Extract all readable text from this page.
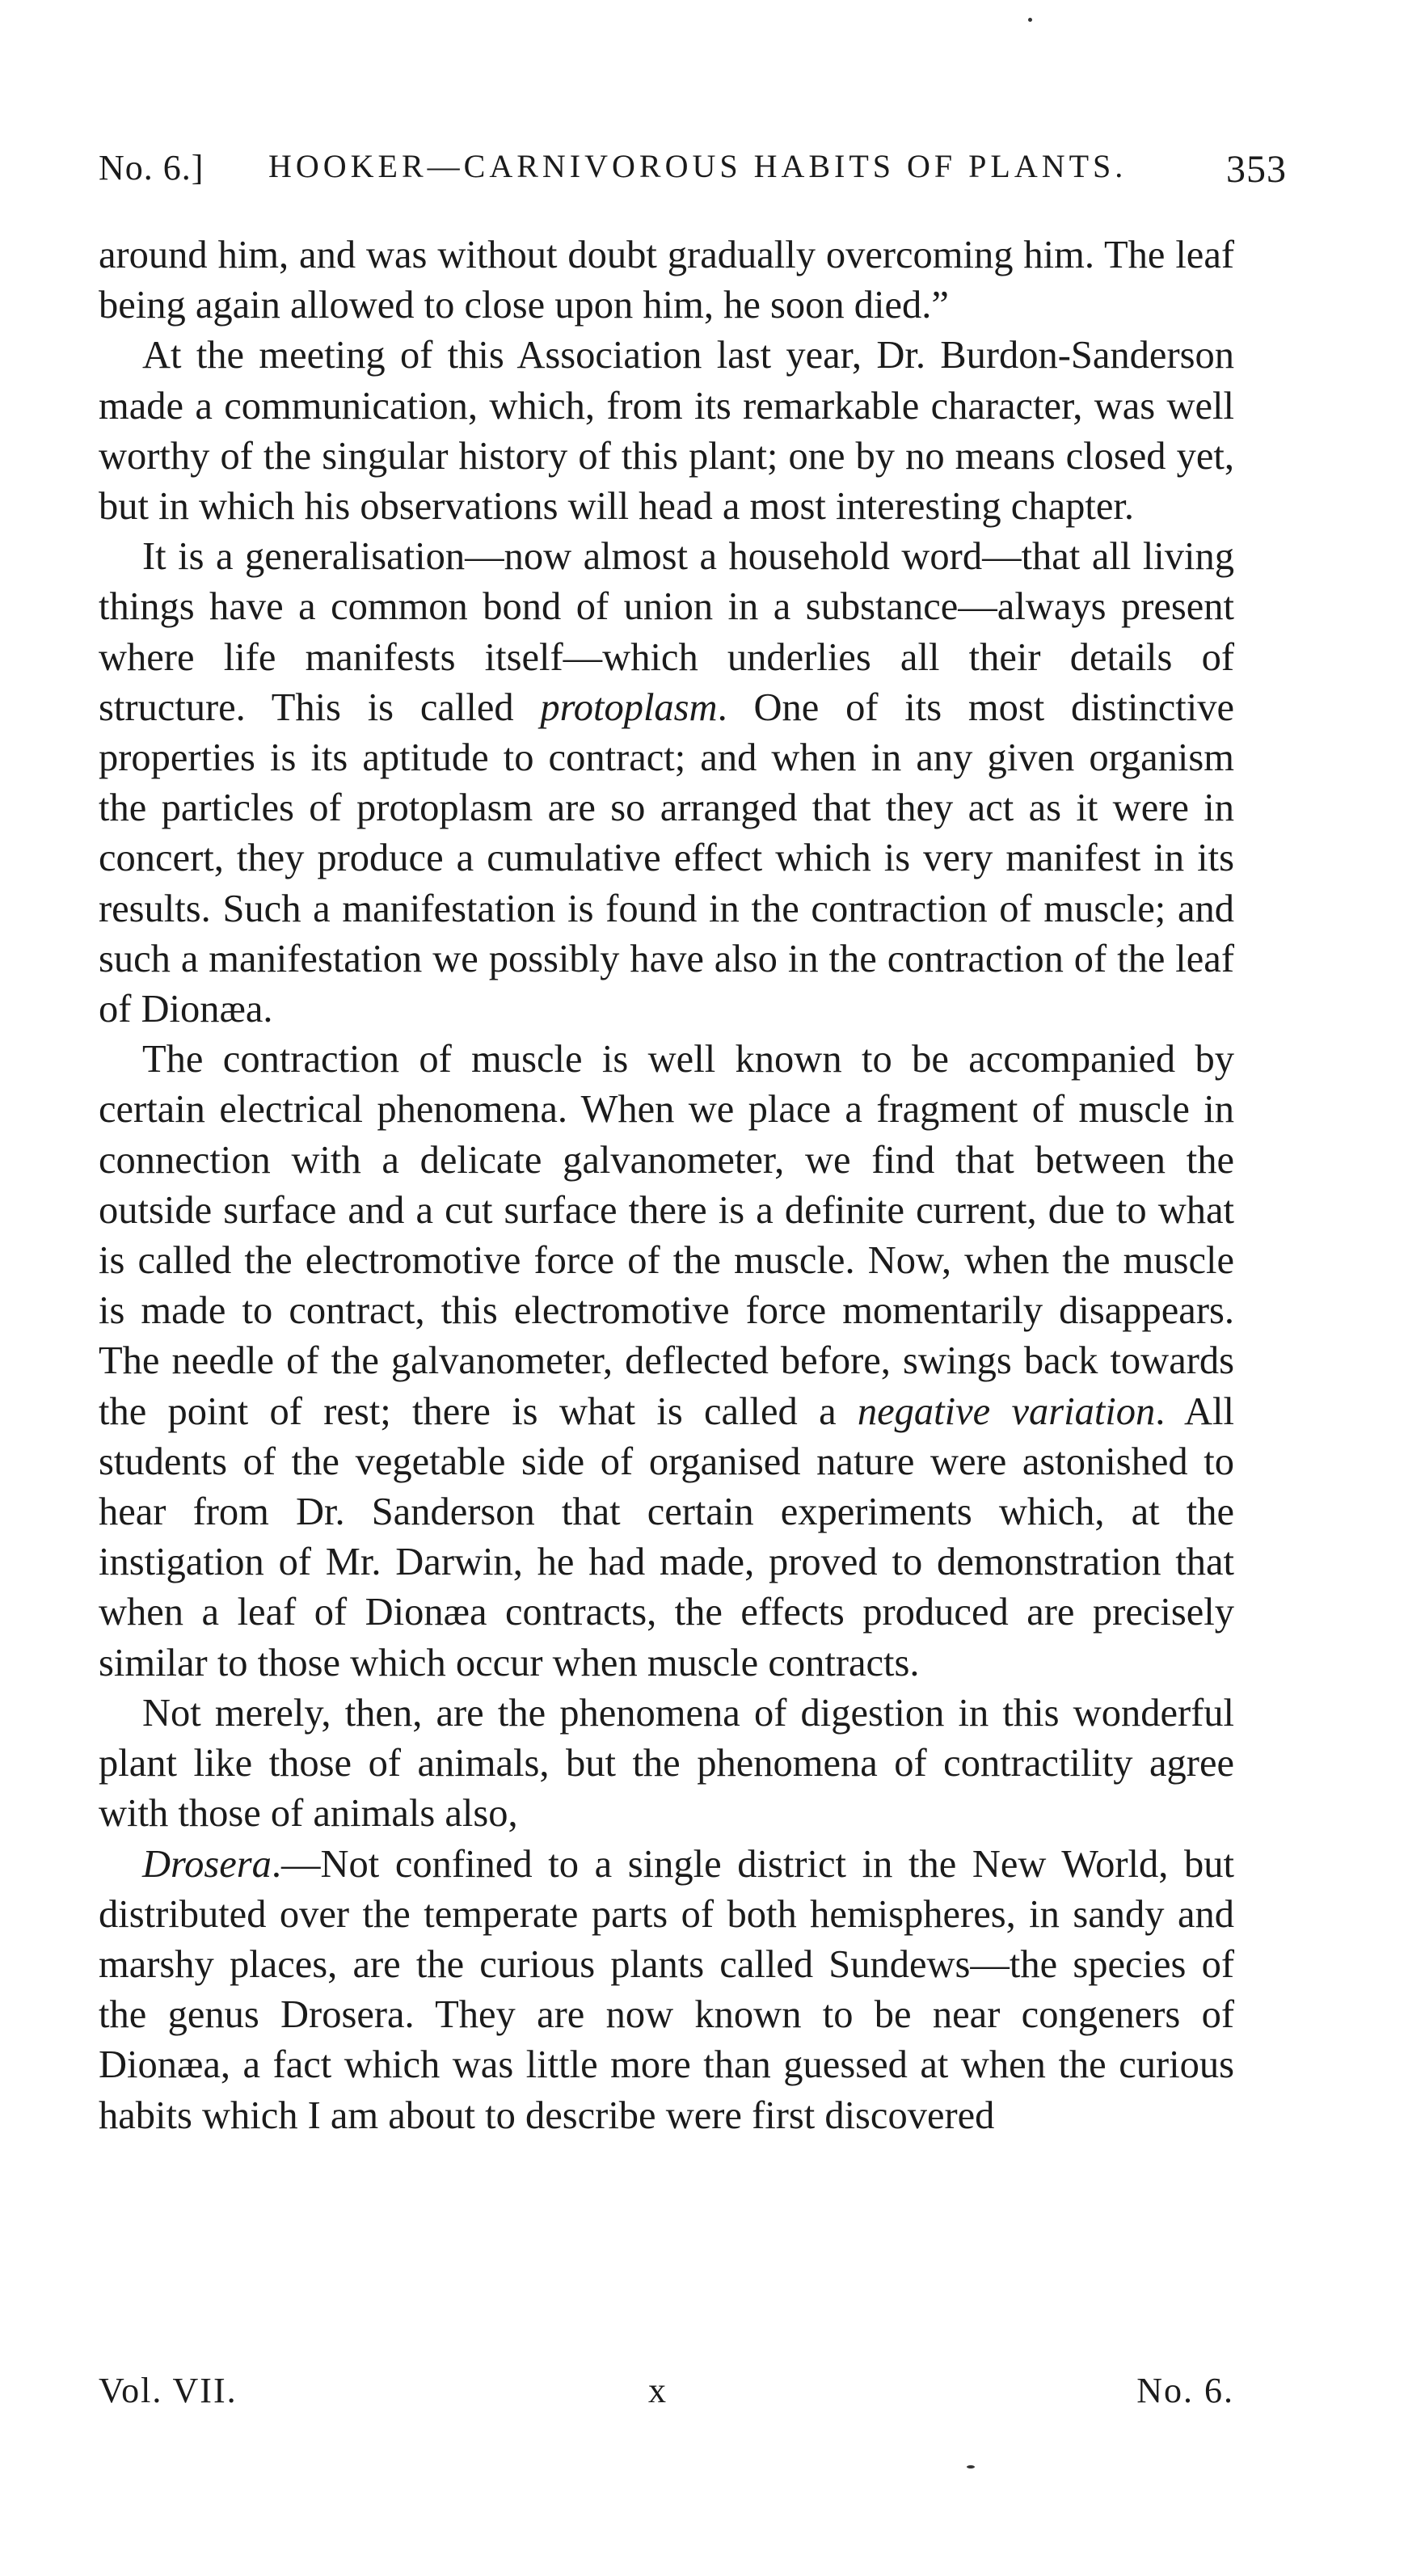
No. 6.] HOOKER—CARNIVOROUS HABITS OF PLANTS.	353

around him, and was without doubt gradually overcoming him. The leaf being again allowed to close upon him, he soon died.”

At the meeting of this Association last year, Dr. Burdon-Sanderson made a communication, which, from its remarkable character, was well worthy of the singular history of this plant; one by no means closed yet, but in which his observations will head a most interesting chapter.

It is a generalisation—now almost a household word—that all living things have a common bond of union in a substance—always present where life manifests itself—which underlies all their details of structure. This is called protoplasm. One of its most distinctive properties is its aptitude to contract; and when in any given organism the particles of protoplasm are so arranged that they act as it were in concert, they produce a cumulative effect which is very manifest in its results. Such a manifestation is found in the contraction of muscle; and such a manifestation we possibly have also in the contraction of the leaf of Dionæa.

The contraction of muscle is well known to be accompanied by certain electrical phenomena. When we place a fragment of muscle in connection with a delicate galvanometer, we find that between the outside surface and a cut surface there is a definite current, due to what is called the electromotive force of the muscle. Now, when the muscle is made to contract, this electromotive force momentarily disappears. The needle of the galvanometer, deflected before, swings back towards the point of rest; there is what is called a negative variation. All students of the vegetable side of organised nature were astonished to hear from Dr. Sanderson that certain experiments which, at the instigation of Mr. Darwin, he had made, proved to demonstration that when a leaf of Dionæa contracts, the effects produced are precisely similar to those which occur when muscle contracts.

Not merely, then, are the phenomena of digestion in this wonderful plant like those of animals, but the phenomena of contractility agree with those of animals also,

Drosera.—Not confined to a single district in the New World, but distributed over the temperate parts of both hemispheres, in sandy and marshy places, are the curious plants called Sundews—the species of the genus Drosera. They are now known to be near congeners of Dionæa, a fact which was little more than guessed at when the curious habits which I am about to describe were first discovered

Vol. VII.	x	No. 6.
